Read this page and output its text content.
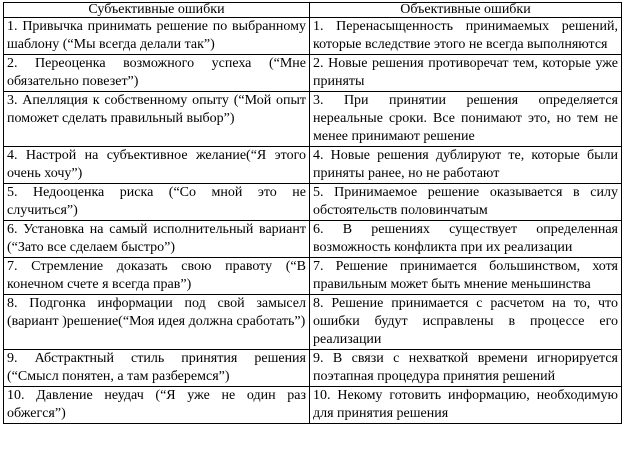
Субъективные ошибки	Объективные ошибки

1. Привычка принимать решение по выбранному шаблону (“Мы всегда делали так”)	1. Перенасыщенность принимаемых решений, которые вследствие этого не всегда выполняются

2. Переоценка возможного успеха (“Мне обязательно повезет”)	2. Новые решения противоречат тем, которые уже приняты

3. Апелляция к собственному опыту (“Мой опыт поможет сделать правильный выбор”)	3. При принятии решения определяется нереальные сроки. Все понимают это, но тем не менее принимают решение

4. Настрой на субъективное желание(“Я этого очень хочу”)	4. Новые решения дублируют те, которые были приняты ранее, но не работают

5. Недооценка риска (“Со мной это не случиться”)	5. Принимаемое решение оказывается в силу обстоятельств половинчатым

6. Установка на самый исполнительный вариант (“Зато все сделаем быстро”)	6. В решениях существует определенная возможность конфликта при их реализации

7. Стремление доказать свою правоту (“В конечном счете я всегда прав”)	7. Решение принимается большинством, хотя правильным может быть мнение меньшинства

8. Подгонка информации под свой замысел (вариант )решение(“Моя идея должна сработать”)	8. Решение принимается с расчетом на то, что ошибки будут исправлены в процессе его реализации

9. Абстрактный стиль принятия решения (“Смысл понятен, а там разберемся”)	9. В связи с нехваткой времени игнорируется поэтапная процедура принятия решений

10. Давление неудач (“Я уже не один раз обжегся”)	10. Некому готовить информацию, необходимую для принятия решения
